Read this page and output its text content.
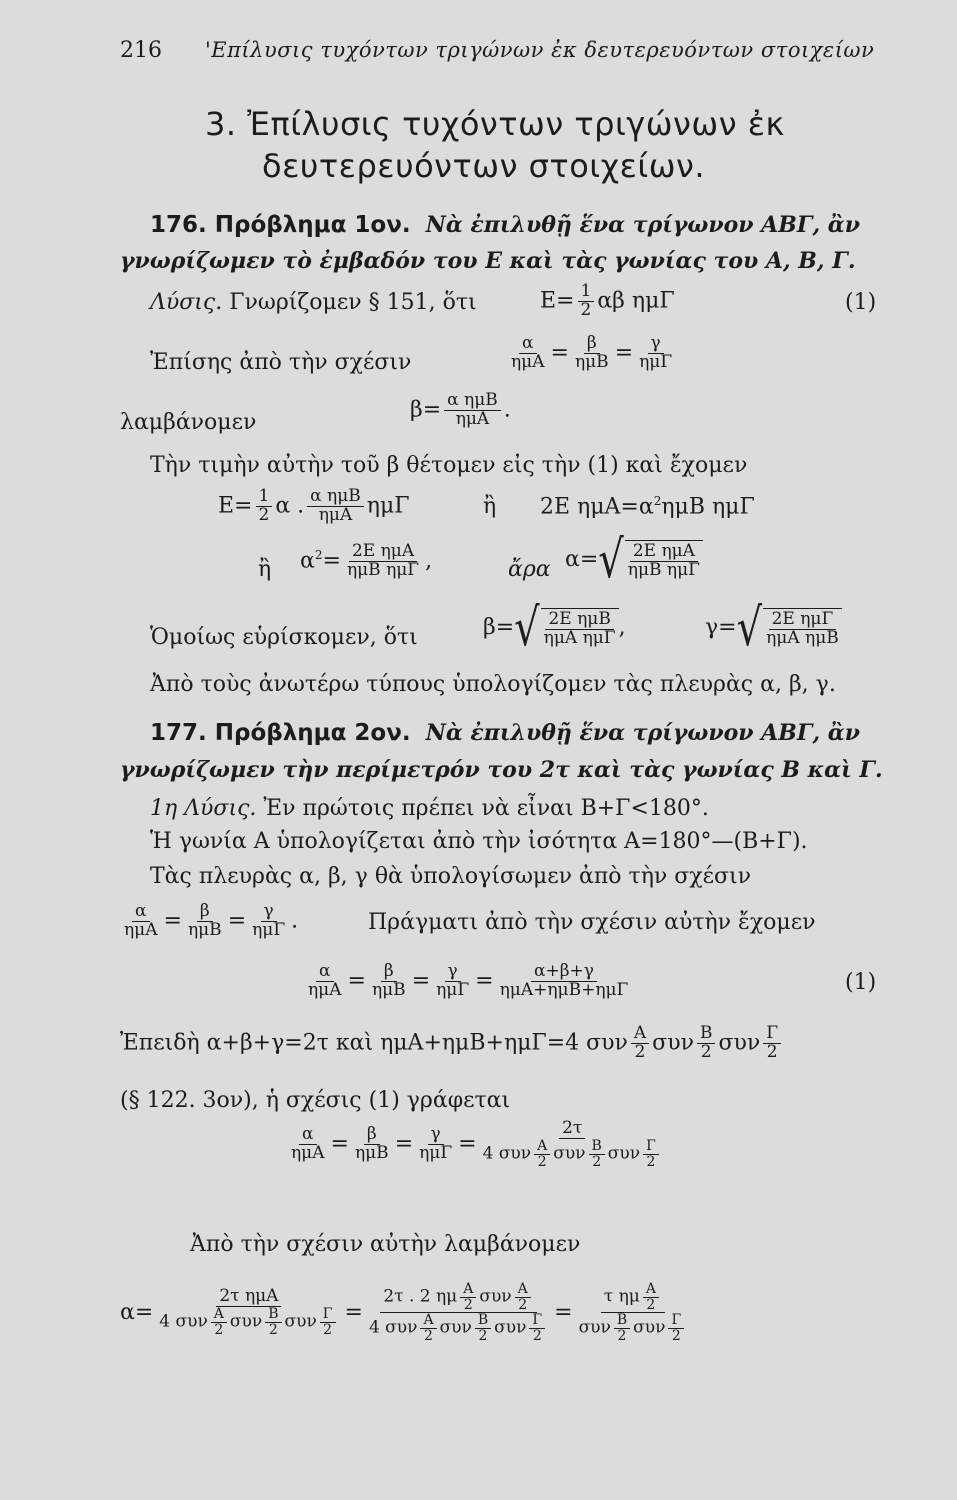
216 'Επίλυσις τυχόντων τριγώνων ἐκ δευτερευόντων στοιχείων
3. Ἐπίλυσις τυχόντων τριγώνων ἐκ
δευτερευόντων στοιχείων.
176. Πρόβλημα 1ον. Νὰ ἐπιλυθῇ ἕνα τρίγωνον ΑΒΓ, ἂν
γνωρίζωμεν τὸ ἐμβαδόν του Ε καὶ τὰς γωνίας του Α, Β, Γ.
Λύσις. Γνωρίζομεν § 151, ὅτι	$E= \frac{1}{2}$ αβ ημΓ	(1)
Ἐπίσης ἀπὸ τὴν σχέσιν	$\frac{\alpha}{\text{ημΑ}} = \frac{\beta}{\text{ημΒ}} = \frac{\gamma}{\text{ημΓ}}$
λαμβάνομεν
$\beta= \frac{\text{α ημΒ}}{\text{ημΑ}}$ .
Τὴν τιμὴν αὐτὴν τοῦ β θέτομεν εἰς τὴν (1) καὶ ἔχομεν
$E= \frac{1}{2}$ α . $\frac{\text{α ημΒ}}{\text{ημΑ}}$ ημΓ	ἢ 2Ε $\eta\mu A=\alpha^2\eta\mu B$ ημΓ
ἢ $\alpha^2= \frac{\text{2Ε ημΑ}}{\text{ημΒ ημΓ}}$ ,	ἄρα α= √ $\frac{\text{2Ε ημΑ}}{\text{ημΒ ημΓ}}$
Ὁμοίως εὑρίσκομεν, ὅτι	β= √ $\frac{\text{2Ε ημΒ}}{\text{ημΑ ημΓ}}$ ,	γ= √ $\frac{\text{2Ε ημΓ}}{\text{ημΑ ημΒ}}$
Ἀπὸ τοὺς ἀνωτέρω τύπους ὑπολογίζομεν τὰς πλευρὰς α, β, γ.
177. Πρόβλημα 2ον. Νὰ ἐπιλυθῇ ἕνα τρίγωνον ΑΒΓ, ἂν
γνωρίζωμεν τὴν περίμετρόν του 2τ καὶ τὰς γωνίας Β καὶ Γ.
1η Λύσις. Ἐν πρώτοις πρέπει νὰ εἶναι Β+Γ<180°.
Ἡ γωνία Α ὑπολογίζεται ἀπὸ τὴν ἰσότητα Α=180°—(Β+Γ).
Τὰς πλευρὰς α, β, γ θὰ ὑπολογίσωμεν ἀπὸ τὴν σχέσιν
$\frac{\alpha}{\text{ημΑ}} = \frac{\beta}{\text{ημΒ}} = \frac{\gamma}{\text{ημΓ}}$ .	Πράγματι ἀπὸ τὴν σχέσιν αὐτὴν ἔχομεν
$\frac{\alpha}{\text{ημΑ}} = \frac{\beta}{\text{ημΒ}} = \frac{\gamma}{\text{ημΓ}} = \frac{\alpha+\beta+\gamma}{\text{ημΑ+ημΒ+ημΓ}}$	(1)
Ἐπειδὴ α+β+γ=2τ καὶ ημΑ+ημΒ+ημΓ=4 συν $\frac{A}{2}$ συν $\frac{B}{2}$ συν $\frac{\Gamma}{2}$
(§ 122. 3ον), ἡ σχέσις (1) γράφεται
$\frac{\alpha}{\text{ημΑ}} = \frac{\beta}{\text{ημΒ}} = \frac{\gamma}{\text{ημΓ}} = \frac{2\tau}{4 \sigma\upsilon\nu \frac{A}{2} \sigma\upsilon\nu \frac{B}{2} \sigma\upsilon\nu \frac{\Gamma}{2}}$
Ἀπὸ τὴν σχέσιν αὐτὴν λαμβάνομεν
$\alpha= \frac{\text{2τ ημΑ}}{4 \sigma\upsilon\nu \frac{A}{2} \sigma\upsilon\nu \frac{B}{2} \sigma\upsilon\nu \frac{\Gamma}{2}} = \frac{2\tau . 2 \eta\mu \frac{A}{2} \sigma\upsilon\nu \frac{A}{2}}{4 \sigma\upsilon\nu \frac{A}{2} \sigma\upsilon\nu \frac{B}{2} \sigma\upsilon\nu \frac{\Gamma}{2}} = \frac{\tau \eta\mu \frac{A}{2}}{\sigma\upsilon\nu \frac{B}{2} \sigma\upsilon\nu \frac{\Gamma}{2}}$
